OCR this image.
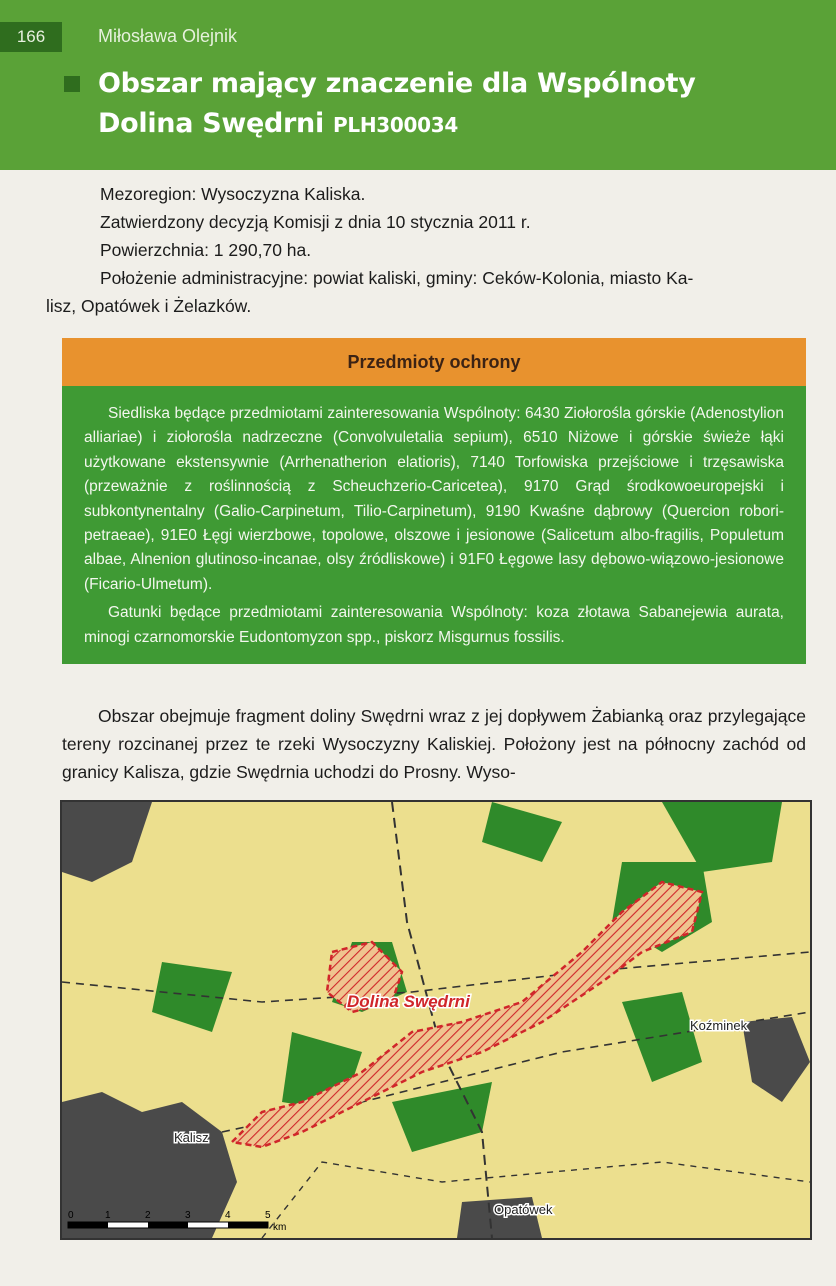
166	Miłosława Olejnik
Obszar mający znaczenie dla Wspólnoty
Dolina Swędrni PLH300034

Mezoregion: Wysoczyzna Kaliska.

Zatwierdzony decyzją Komisji z dnia 10 stycznia 2011 r.

Powierzchnia: 1 290,70 ha.

Położenie administracyjne: powiat kaliski, gminy: Ceków-Kolonia, miasto Ka-

lisz, Opatówek i Żelazków.

Przedmioty ochrony

Siedliska będące przedmiotami zainteresowania Wspólnoty: 6430 Ziołorośla górskie (Adenostylion alliariae) i ziołorośla nadrzeczne (Convolvuletalia sepium), 6510 Niżowe i górskie świeże łąki użytkowane ekstensywnie (Arrhenatherion elatioris), 7140 Torfowiska przejściowe i trzęsawiska (przeważnie z roślinnością z Scheuchzerio-Caricetea), 9170 Grąd środkowoeuropejski i subkontynentalny (Galio-Carpinetum, Tilio-Carpinetum), 9190 Kwaśne dąbrowy (Quercion robori-petraeae), 91E0 Łęgi wierzbowe, topolowe, olszowe i jesionowe (Salicetum albo-fragilis, Populetum albae, Alnenion glutinoso-incanae, olsy źródliskowe) i 91F0 Łęgowe lasy dębowo-wiązowo-jesionowe (Ficario-Ulmetum).

Gatunki będące przedmiotami zainteresowania Wspólnoty: koza złotawa Sabanejewia aurata, minogi czarnomorskie Eudontomyzon spp., piskorz Misgurnus fossilis.

Obszar obejmuje fragment doliny Swędrni wraz z jej dopływem Żabianką oraz przylegające tereny rozcinanej przez te rzeki Wysoczyzny Kaliskiej. Położony jest na północny zachód od granicy Kalisza, gdzie Swędrnia uchodzi do Prosny. Wyso-

Dolina Swędrni
Koźminek
Kalisz
Opatówek
0	1	2	3	4	5
km
